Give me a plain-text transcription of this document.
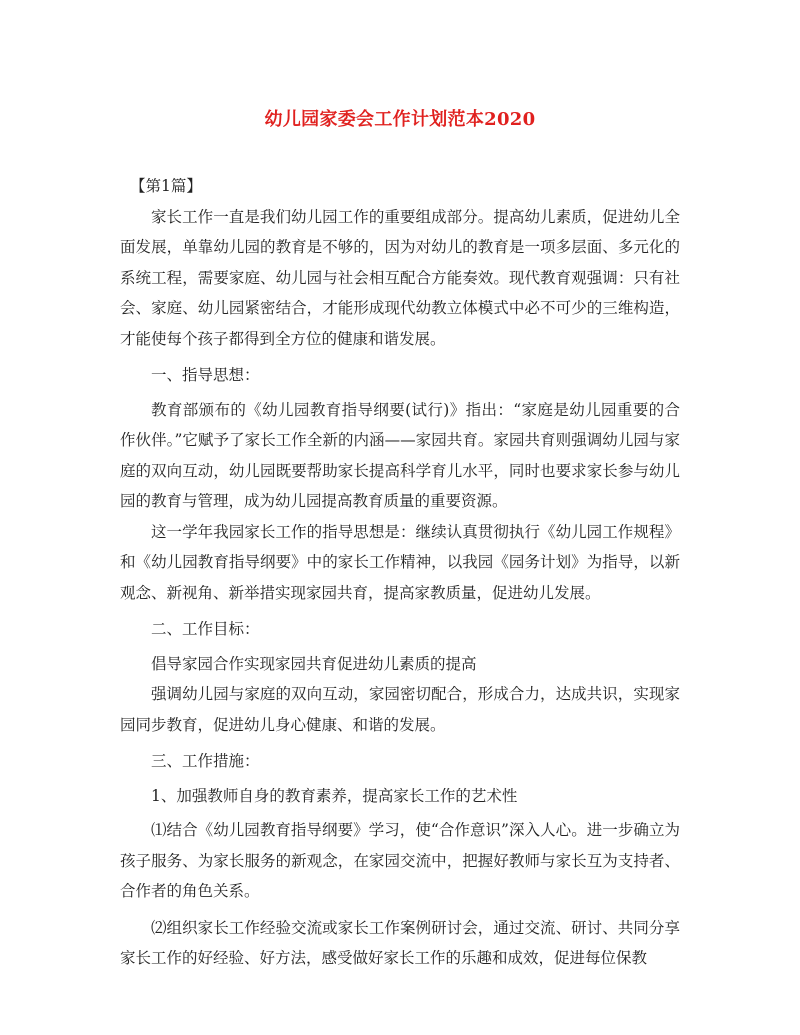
幼儿园家委会工作计划范本2020

【第1篇】

家长工作一直是我们幼儿园工作的重要组成部分。提高幼儿素质，促进幼儿全面发展，单靠幼儿园的教育是不够的，因为对幼儿的教育是一项多层面、多元化的系统工程，需要家庭、幼儿园与社会相互配合方能奏效。现代教育观强调：只有社会、家庭、幼儿园紧密结合，才能形成现代幼教立体模式中必不可少的三维构造，才能使每个孩子都得到全方位的健康和谐发展。

一、指导思想：

教育部颁布的《幼儿园教育指导纲要(试行)》指出：“家庭是幼儿园重要的合作伙伴。”它赋予了家长工作全新的内涵——家园共育。家园共育则强调幼儿园与家庭的双向互动，幼儿园既要帮助家长提高科学育儿水平，同时也要求家长参与幼儿园的教育与管理，成为幼儿园提高教育质量的重要资源。

这一学年我园家长工作的指导思想是：继续认真贯彻执行《幼儿园工作规程》和《幼儿园教育指导纲要》中的家长工作精神，以我园《园务计划》为指导，以新观念、新视角、新举措实现家园共育，提高家教质量，促进幼儿发展。

二、工作目标：

倡导家园合作实现家园共育促进幼儿素质的提高

强调幼儿园与家庭的双向互动，家园密切配合，形成合力，达成共识，实现家园同步教育，促进幼儿身心健康、和谐的发展。

三、工作措施：

1、加强教师自身的教育素养，提高家长工作的艺术性

⑴结合《幼儿园教育指导纲要》学习，使“合作意识”深入人心。进一步确立为孩子服务、为家长服务的新观念，在家园交流中，把握好教师与家长互为支持者、合作者的角色关系。

⑵组织家长工作经验交流或家长工作案例研讨会，通过交流、研讨、共同分享家长工作的好经验、好方法，感受做好家长工作的乐趣和成效，促进每位保教
